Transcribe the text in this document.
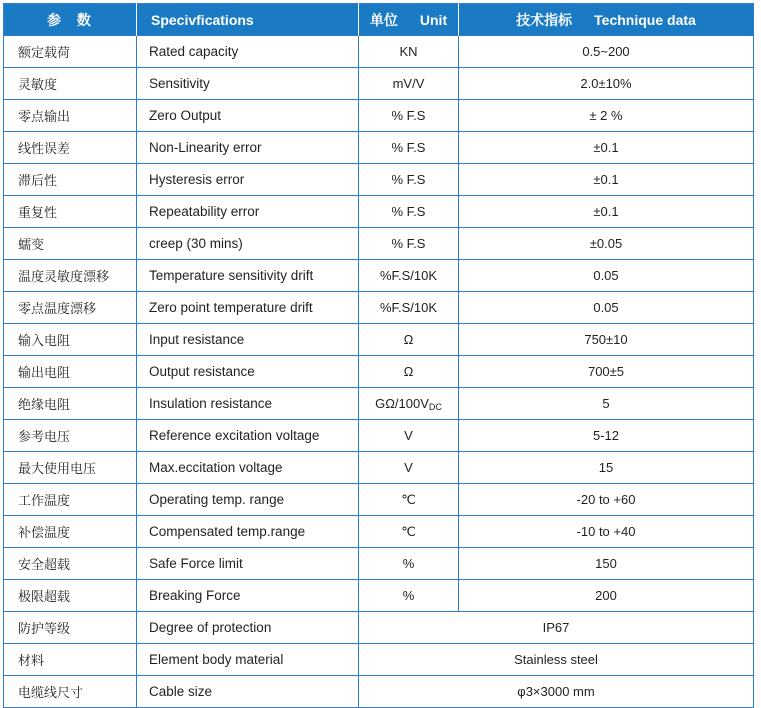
参 数	Specivfications	单位 Unit	技术指标 Technique data

额定载荷	Rated capacity	KN	0.5~200
灵敏度	Sensitivity	mV/V	2.0±10%
零点输出	Zero Output	% F.S	± 2 %
线性误差	Non-Linearity error	% F.S	±0.1
滞后性	Hysteresis error	% F.S	±0.1
重复性	Repeatability error	% F.S	±0.1
蠕变	creep (30 mins)	% F.S	±0.05
温度灵敏度漂移	Temperature sensitivity drift	%F.S/10K	0.05
零点温度漂移	Zero point temperature drift	%F.S/10K	0.05
输入电阻	Input resistance	Ω	750±10
输出电阻	Output resistance	Ω	700±5
绝缘电阻	Insulation resistance	GΩ/100VDC	5
参考电压	Reference excitation voltage	V	5-12
最大使用电压	Max.eccitation voltage	V	15
工作温度	Operating temp. range	℃	-20 to +60
补偿温度	Compensated temp.range	℃	-10 to +40
安全超载	Safe Force limit	%	150
极限超载	Breaking Force	%	200
防护等级	Degree of protection	IP67	
材料	Element body material	Stainless steel	
电缆线尺寸	Cable size	φ3×3000 mm	
